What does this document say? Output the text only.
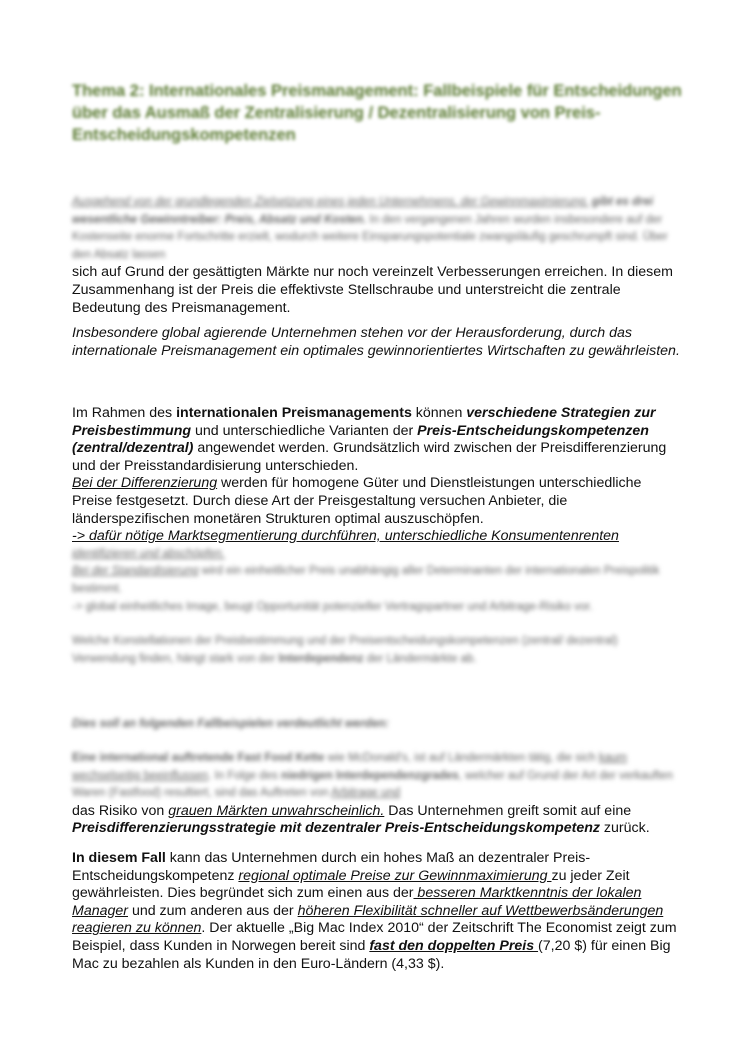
Thema 2: Internationales Preismanagement: Fallbeispiele für Entscheidungen über das Ausmaß der Zentralisierung / Dezentralisierung von Preis-Entscheidungskompetenzen
Ausgehend von der grundlegenden Zielsetzung eines jeden Unternehmens, der Gewinnmaximierung, gibt es drei wesentliche Gewinntreiber: Preis, Absatz und Kosten. In den vergangenen Jahren wurden insbesondere auf der Kostenseite enorme Fortschritte erzielt, wodurch weitere Einsparungspotentiale zwangsläufig geschrumpft sind. Über den Absatz lassen

sich auf Grund der gesättigten Märkte nur noch vereinzelt Verbesserungen erreichen. In diesem Zusammenhang ist der Preis die effektivste Stellschraube und unterstreicht die zentrale Bedeutung des Preismanagement.

Insbesondere global agierende Unternehmen stehen vor der Herausforderung, durch das internationale Preismanagement ein optimales gewinnorientiertes Wirtschaften zu gewährleisten.

Im Rahmen des internationalen Preismanagements können verschiedene Strategien zur Preisbestimmung und unterschiedliche Varianten der Preis-Entscheidungskompetenzen (zentral/dezentral) angewendet werden. Grundsätzlich wird zwischen der Preisdifferenzierung und der Preisstandardisierung unterschieden.

Bei der Differenzierung werden für homogene Güter und Dienstleistungen unterschiedliche Preise festgesetzt. Durch diese Art der Preisgestaltung versuchen Anbieter, die länderspezifischen monetären Strukturen optimal auszuschöpfen.

-> dafür nötige Marktsegmentierung durchführen, unterschiedliche Konsumentenrenten

identifizieren und abschöpfen.

Bei der Standardisierung wird ein einheitlicher Preis unabhängig aller Determinanten der internationalen Preispolitik bestimmt.

-> global einheitliches Image, beugt Opportunität potenzieller Vertragspartner und Arbitrage-Risiko vor.

Welche Konstellationen der Preisbestimmung und der Preisentscheidungskompetenzen (zentral/ dezentral) Verwendung finden, hängt stark von der Interdependenz der Ländermärkte ab.

Dies soll an folgenden Fallbeispielen verdeutlicht werden:
Eine international auftretende Fast Food Kette wie McDonald's, ist auf Ländermärkten tätig, die sich kaum wechselseitig beeinflussen. In Folge des niedrigen Interdependenzgrades, welcher auf Grund der Art der verkauften Waren (Fastfood) resultiert, sind das Auftreten von Arbitrage und

das Risiko von grauen Märkten unwahrscheinlich. Das Unternehmen greift somit auf eine Preisdifferenzierungsstrategie mit dezentraler Preis-Entscheidungskompetenz zurück.

In diesem Fall kann das Unternehmen durch ein hohes Maß an dezentraler Preis-Entscheidungskompetenz regional optimale Preise zur Gewinnmaximierung zu jeder Zeit gewährleisten. Dies begründet sich zum einen aus der besseren Marktkenntnis der lokalen Manager und zum anderen aus der höheren Flexibilität schneller auf Wettbewerbsänderungen reagieren zu können. Der aktuelle „Big Mac Index 2010“ der Zeitschrift The Economist zeigt zum Beispiel, dass Kunden in Norwegen bereit sind fast den doppelten Preis (7,20 $) für einen Big Mac zu bezahlen als Kunden in den Euro-Ländern (4,33 $).
